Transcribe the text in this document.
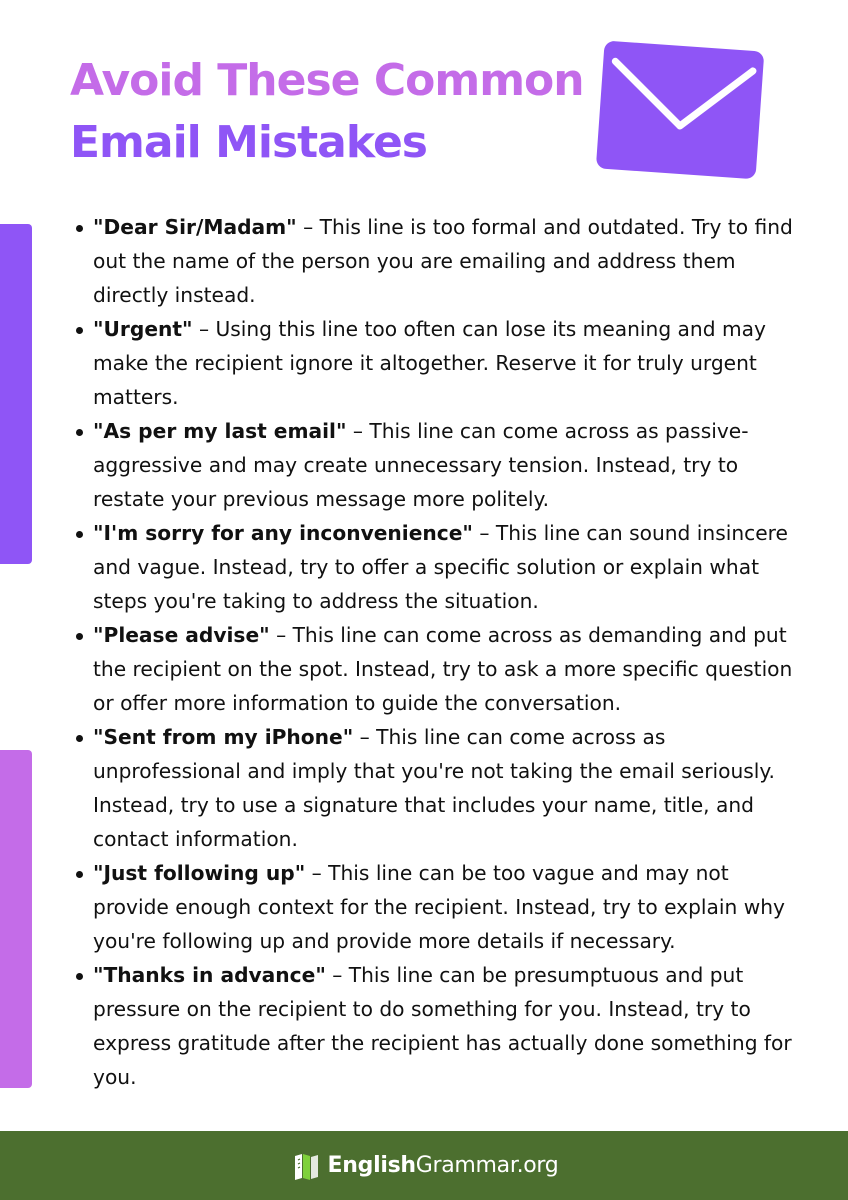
Avoid These Common
Email Mistakes
"Dear Sir/Madam" – This line is too formal and outdated. Try to find out the name of the person you are emailing and address them directly instead.
"Urgent" – Using this line too often can lose its meaning and may make the recipient ignore it altogether. Reserve it for truly urgent matters.
"As per my last email" – This line can come across as passive-aggressive and may create unnecessary tension. Instead, try to restate your previous message more politely.
"I'm sorry for any inconvenience" – This line can sound insincere and vague. Instead, try to offer a specific solution or explain what steps you're taking to address the situation.
"Please advise" – This line can come across as demanding and put the recipient on the spot. Instead, try to ask a more specific question or offer more information to guide the conversation.
"Sent from my iPhone" – This line can come across as unprofessional and imply that you're not taking the email seriously. Instead, try to use a signature that includes your name, title, and contact information.
"Just following up" – This line can be too vague and may not provide enough context for the recipient. Instead, try to explain why you're following up and provide more details if necessary.
"Thanks in advance" – This line can be presumptuous and put pressure on the recipient to do something for you. Instead, try to express gratitude after the recipient has actually done something for you.
EnglishGrammar.org
